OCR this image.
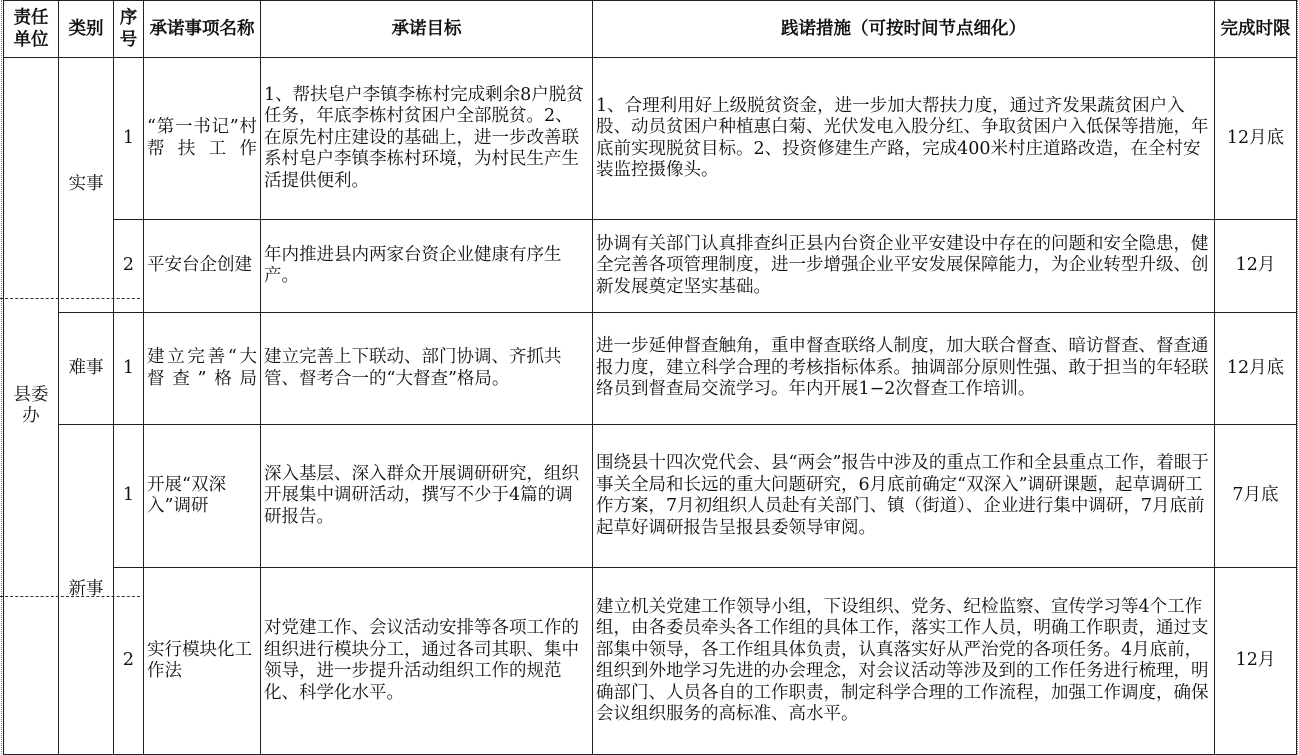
责任单位	类别	序号	承诺事项名称	承诺目标	践诺措施（可按时间节点细化）	完成时限
县委办	实事	1	“第一书记”村帮扶工作	1、帮扶皂户李镇李栋村完成剩余8户脱贫任务，年底李栋村贫困户全部脱贫。2、在原先村庄建设的基础上，进一步改善联系村皂户李镇李栋村环境，为村民生产生活提供便利。	1、合理利用好上级脱贫资金，进一步加大帮扶力度，通过齐发果蔬贫困户入股、动员贫困户种植惠白菊、光伏发电入股分红、争取贫困户入低保等措施，年底前实现脱贫目标。2、投资修建生产路，完成400米村庄道路改造，在全村安装监控摄像头。	12月底
		2	平安台企创建	年内推进县内两家台资企业健康有序生产。	协调有关部门认真排查纠正县内台资企业平安建设中存在的问题和安全隐患，健全完善各项管理制度，进一步增强企业平安发展保障能力，为企业转型升级、创新发展奠定坚实基础。	12月
	难事	1	建立完善“大督查”格局	建立完善上下联动、部门协调、齐抓共管、督考合一的“大督查”格局。	进一步延伸督查触角，重申督查联络人制度，加大联合督查、暗访督查、督查通报力度，建立科学合理的考核指标体系。抽调部分原则性强、敢于担当的年轻联络员到督查局交流学习。年内开展1−2次督查工作培训。	12月底
	新事	1	开展“双深入”调研	深入基层、深入群众开展调研研究，组织开展集中调研活动，撰写不少于4篇的调研报告。	围绕县十四次党代会、县“两会”报告中涉及的重点工作和全县重点工作，着眼于事关全局和长远的重大问题研究，6月底前确定“双深入”调研课题，起草调研工作方案，7月初组织人员赴有关部门、镇（街道）、企业进行集中调研，7月底前起草好调研报告呈报县委领导审阅。	7月底
		2	实行模块化工作法	对党建工作、会议活动安排等各项工作的组织进行模块分工，通过各司其职、集中领导，进一步提升活动组织工作的规范化、科学化水平。	建立机关党建工作领导小组，下设组织、党务、纪检监察、宣传学习等4个工作组，由各委员牵头各工作组的具体工作，落实工作人员，明确工作职责，通过支部集中领导，各工作组具体负责，认真落实好从严治党的各项任务。4月底前，组织到外地学习先进的办会理念，对会议活动等涉及到的工作任务进行梳理，明确部门、人员各自的工作职责，制定科学合理的工作流程，加强工作调度，确保会议组织服务的高标准、高水平。	12月
